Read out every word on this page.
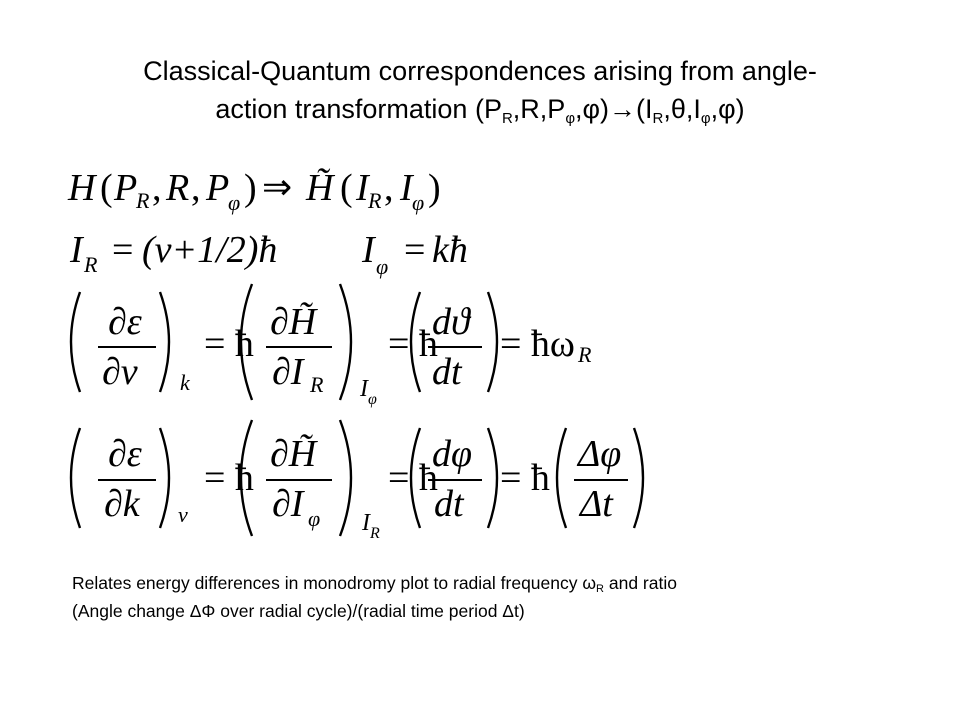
Classical-Quantum correspondences arising from angle-
action transformation $(P_R,R,P_\varphi,\varphi)\to(I_R,\theta,I_\varphi,\varphi)$
H ( P
R , R , P
φ ) ⇒ H̃ ( I R , I φ )
I R = (v+1/2)ħ I φ = kħ
∂ε
∂v k
= ħ
∂H̃
∂I R I φ
= ħ
dϑ
dt
= ħω R
∂ε
∂k v
= ħ
∂H̃
∂I φ I R
= ħ
dφ
dt
= ħ
Δφ
Δt
Relates energy differences in monodromy plot to radial frequency $\omega_R$ and ratio
(Angle change ΔΦ over radial cycle)/(radial time period Δt)
